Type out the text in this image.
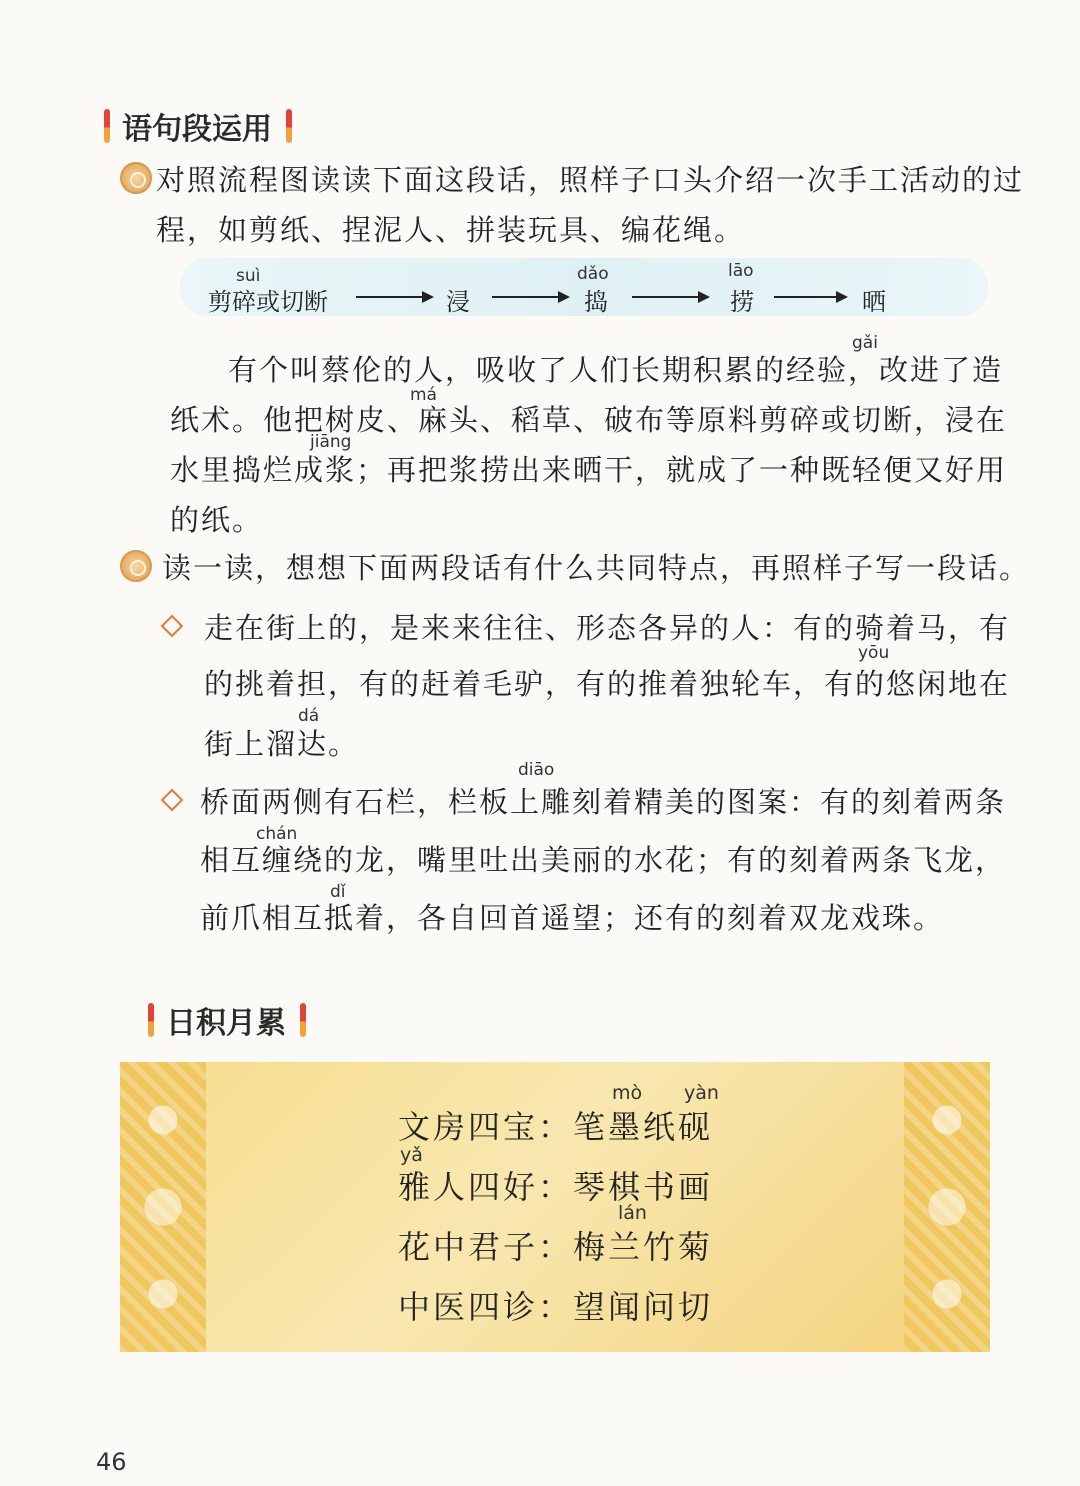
语句段运用
对照流程图读读下面这段话，照样子口头介绍一次手工活动的过
程，如剪纸、捏泥人、拼装玩具、编花绳。
suì	dǎo	lāo
剪碎或切断	浸	捣	捞	晒
gǎi
má
jiāng
有个叫蔡伦的人，吸收了人们长期积累的经验，改进了造
纸术。他把树皮、麻头、稻草、破布等原料剪碎或切断，浸在
水里捣烂成浆；再把浆捞出来晒干，就成了一种既轻便又好用
的纸。
读一读，想想下面两段话有什么共同特点，再照样子写一段话。
yōu
dá
走在街上的，是来来往往、形态各异的人：有的骑着马，有
的挑着担，有的赶着毛驴，有的推着独轮车，有的悠闲地在
街上溜达。
diāo
chán
dǐ
桥面两侧有石栏，栏板上雕刻着精美的图案：有的刻着两条
相互缠绕的龙，嘴里吐出美丽的水花；有的刻着两条飞龙，
前爪相互抵着，各自回首遥望；还有的刻着双龙戏珠。
日积月累
mò yàn
yǎ
lán
文房四宝：笔墨纸砚
雅人四好：琴棋书画
花中君子：梅兰竹菊
中医四诊：望闻问切
46
